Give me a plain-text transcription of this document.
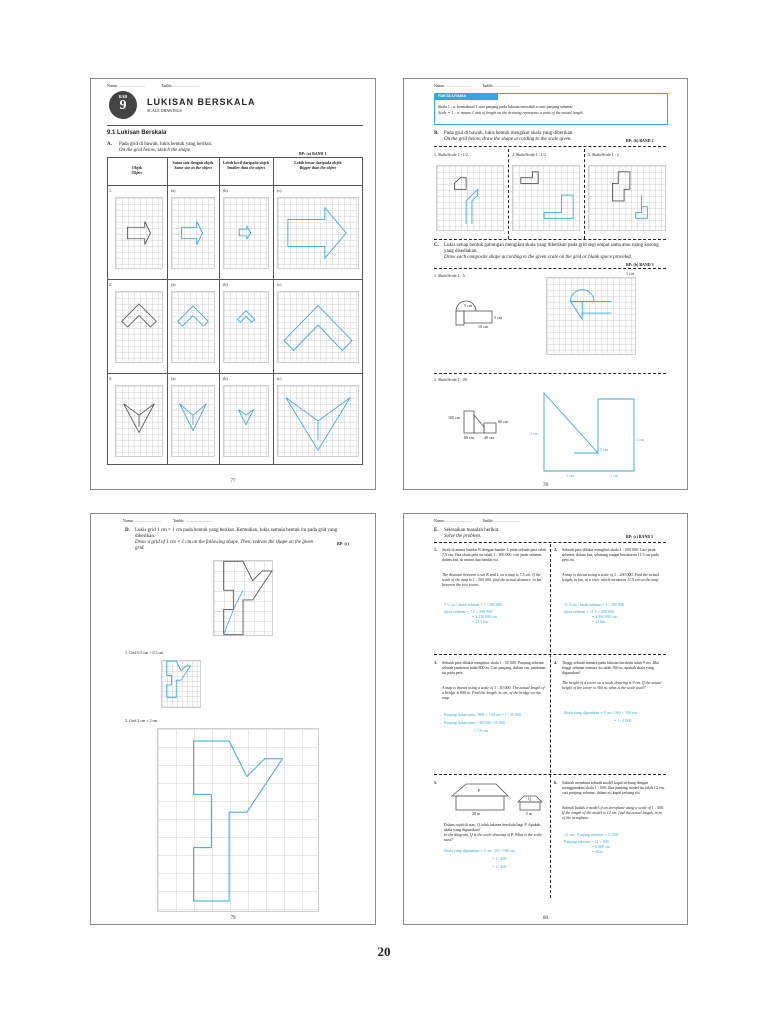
Nama: ..........................	Tarikh: ..........................
BAB
9	LUKISAN BERSKALA
SCALE DRAWINGS
9.1 Lukisan Berskala
A. Pada grid di bawah, lukis bentuk yang berikut.
On the grid below, sketch the shape.
BP: (a) BAND 1
Objek
Object
Sama saiz dengan objek
Same size as the object
Lebih kecil daripada objek
Smaller than the object
Lebih besar daripada objek
Bigger than the object
1.	(a)	(b)	(c)
2.	(a)	(b)	(c)
3.	(a)	(b)	(c)
77
Nama: ..........................	Tarikh: ..........................
FAKTA UTAMA
Skala 1 : n, bermaksud 1 unit panjang pada lukisan mewakili n unit panjang sebenar.
Scale = 1 : n, means 1 unit of length on the drawing represents n units of the actual length.
B. Pada grid di bawah, lukis bentuk mengikut skala yang diberikan.
On the grid below, draw the shape according to the scale given.	BP: (b) BAND 2
1. Skala/Scale 1 : 1/2	2. Skala/Scale 1 : 1/2	3. Skala/Scale 1 : 2
C. Lukis setiap bentuk gabungan mengikut skala yang diberikan pada grid segi empat sama atau ruang kosong yang disediakan.
Draw each composite shape according to the given scale on the grid or blank space provided.
BP: (b) BAND 3
1. Skala/Scale 1 : 5
5 cm
5 cm
10 cm
1 cm
2. Skala/Scale 1 : 20
100 cm
60 cm
60 cm	40 cm
2 cm
3 cm
2 cm
1 cm	1 cm
78
Nama: ..........................	Tarikh: ..........................
D. Lukis grid 1 cm × 1 cm pada bentuk yang berikut. Kemudian, lukis semula bentuk itu pada grid yang diberikan.
Draw a grid of 1 cm × 1 cm on the following shape. Then, redraw the shape on the given grid.
BP: (c)
1. Grid 0.5 cm × 0.5 cm
2. Grid 2 cm × 2 cm
79
Nama: ..........................	Tarikh: ..........................
E. Selesaikan masalah berikut.
Solve the problem.	BP: (c) BAND 5
1. Jarak di antara bandar K dengan bandar L pada sebuah peta ialah 7.5 cm. Jika skala peta itu ialah 1 : 300 000, cari jarak sebenar, dalam km, di antara dua bandar itu.
The distance between town K and L on a map is 7.5 cm. If the scale of the map is 1 : 300 000, find the actual distance, in km, between the two towns.
7.5 cm / Jarak sebenar = 1 / 300 000
Jarak sebenar = 7.5 × 300 000
= 2 250 000 cm
= 22.5 km
2. Sebuah peta dilukis mengikut skala 1 : 200 000. Cari jarak sebenar, dalam km, sebatang sungai berukuran 11.5 cm pada peta itu.
A map is drawn using a scale of 1 : 200 000. Find the actual length, in km, of a river which measures 11.5 cm on the map.
11.5 cm / Jarak sebenar = 1 / 200 000
Jarak sebenar = 11.5 × 200 000
= 2 300 000 cm
= 23 km
3. Sebuah peta dilukis mengikut skala 1 : 50 000. Panjang sebenar sebuah jambatan ialah 800 m. Cari panjang, dalam cm, jambatan itu pada peta.
A map is drawn using a scale of 1 : 50 000. The actual length of a bridge is 800 m. Find the length, in cm, of the bridge on the map.
Panjang dalam peta / 800 × 100 cm = 1 / 50 000
Panjang dalam peta = 80 000 / 50 000
= 1.6 cm
4. Tinggi sebuah menara pada lukisan berskala ialah 9 cm. Jika tinggi sebenar menara itu ialah 360 m, apakah skala yang digunakan?
The height of a tower on a scale drawing is 9 cm. If the actual height of the tower is 360 m, what is the scale used?
Skala yang digunakan = 9 cm / 360 × 100 cm
= 1 : 4 000
5.
P
Q
20 m	5 m
Dalam rajah di atas, Q ialah lukisan berskala bagi P. Apakah skala yang digunakan?
In the diagram, Q is the scale drawing of P. What is the scale used?
Skala yang digunakan = 5 cm / 20 × 100 cm
= 1 / 400
= 1 : 400
6. Salmah membina sebuah model kapal terbang dengan menggunakan skala 1 : 500. Jika panjang model itu ialah 12 cm, cari panjang sebenar, dalam m, kapal terbang itu.
Salmah builds a model of an aeroplane using a scale of 1 : 500. If the length of the model is 12 cm, find the actual length, in m, of the aeroplane.
12 cm / Panjang sebenar = 1 / 500
Panjang sebenar = 12 × 500
= 6 000 cm
= 60 m
80
20
